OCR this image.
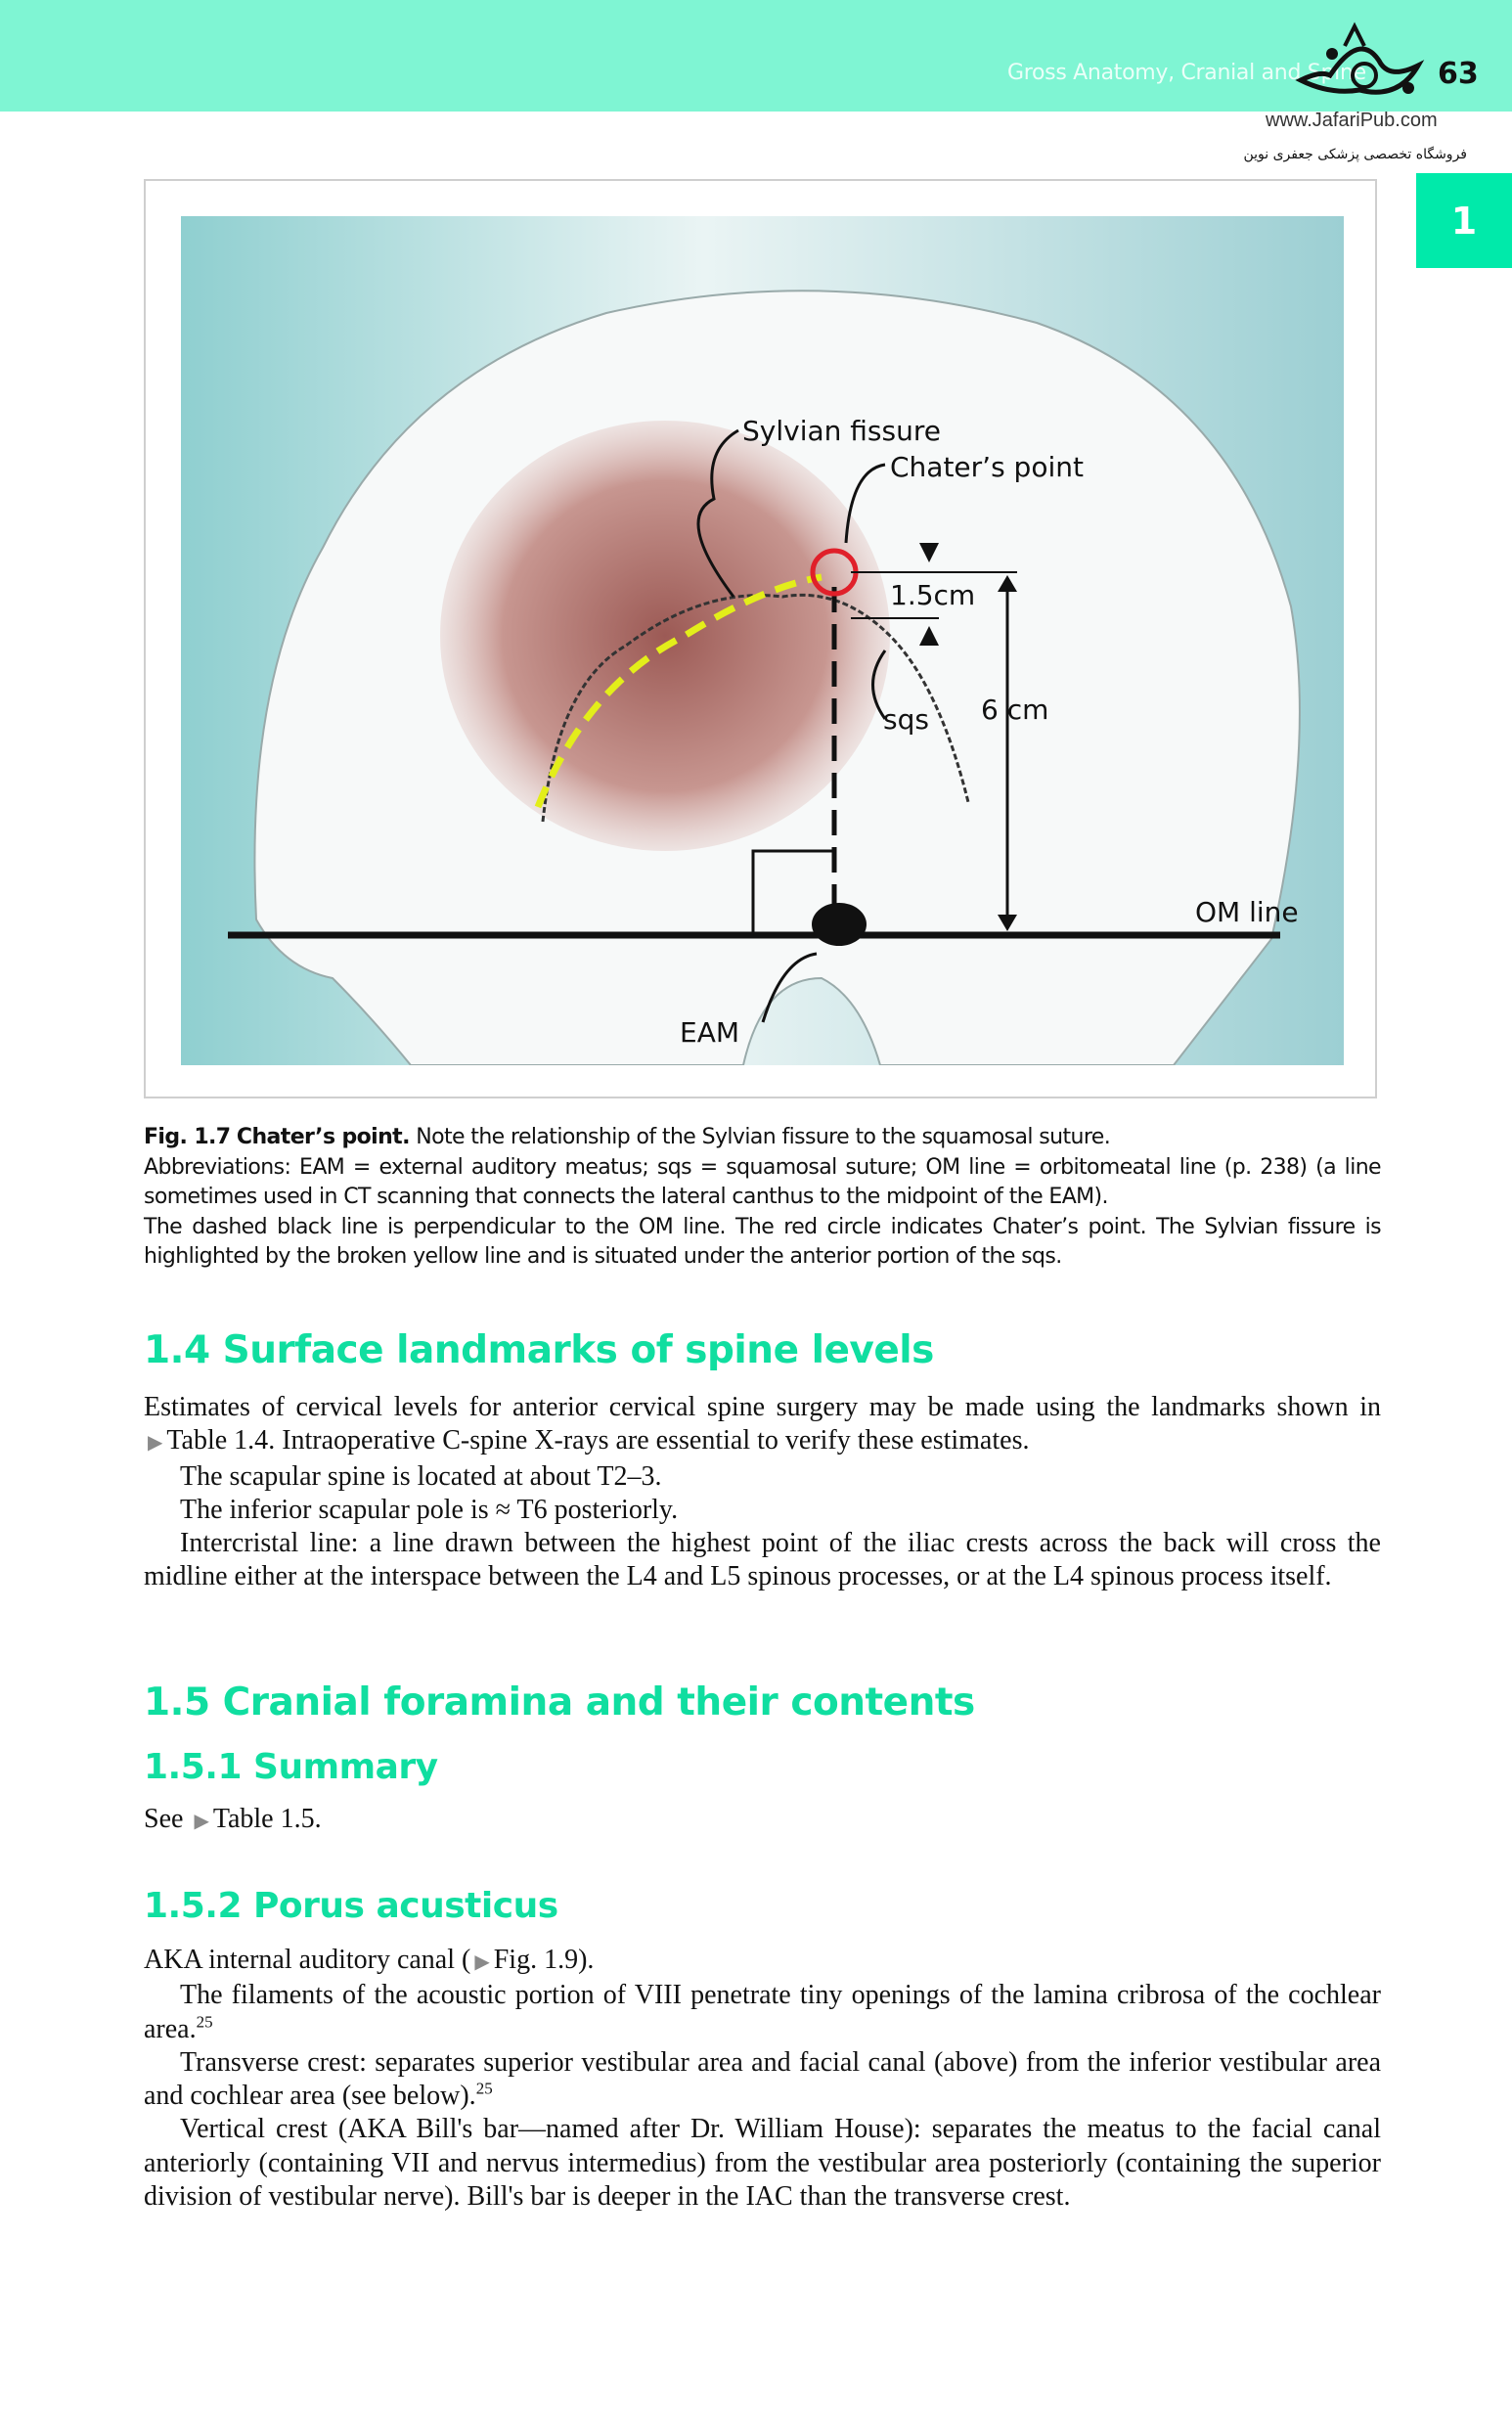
Gross Anatomy, Cranial and Spine 63
www.JafariPub.com
فروشگاه تخصصی پزشکی جعفری نوین
1
Sylvian fissure
Chater’s point
1.5cm
sqs 6 cm
OM line
EAM

Fig. 1.7 Chater’s point. Note the relationship of the Sylvian fissure to the squamosal suture.

Abbreviations: EAM = external auditory meatus; sqs = squamosal suture; OM line = orbitomeatal line (p. 238) (a line sometimes used in CT scanning that connects the lateral canthus to the midpoint of the EAM).

The dashed black line is perpendicular to the OM line. The red circle indicates Chater’s point. The Sylvian fissure is highlighted by the broken yellow line and is situated under the anterior portion of the sqs.

1.4 Surface landmarks of spine levels

Estimates of cervical levels for anterior cervical spine surgery may be made using the landmarks shown in ▶ Table 1.4. Intraoperative C-spine X-rays are essential to verify these estimates.

The scapular spine is located at about T2–3.

The inferior scapular pole is ≈ T6 posteriorly.

Intercristal line: a line drawn between the highest point of the iliac crests across the back will cross the midline either at the interspace between the L4 and L5 spinous processes, or at the L4 spinous process itself.

1.5 Cranial foramina and their contents
1.5.1 Summary

See ▶ Table 1.5.

1.5.2 Porus acusticus

AKA internal auditory canal ( ▶ Fig. 1.9).

The filaments of the acoustic portion of VIII penetrate tiny openings of the lamina cribrosa of the cochlear area.$^{25}$

Transverse crest: separates superior vestibular area and facial canal (above) from the inferior vestibular area and cochlear area (see below).$^{25}$

Vertical crest (AKA Bill's bar—named after Dr. William House): separates the meatus to the facial canal anteriorly (containing VII and nervus intermedius) from the vestibular area posteriorly (containing the superior division of vestibular nerve). Bill's bar is deeper in the IAC than the transverse crest.
